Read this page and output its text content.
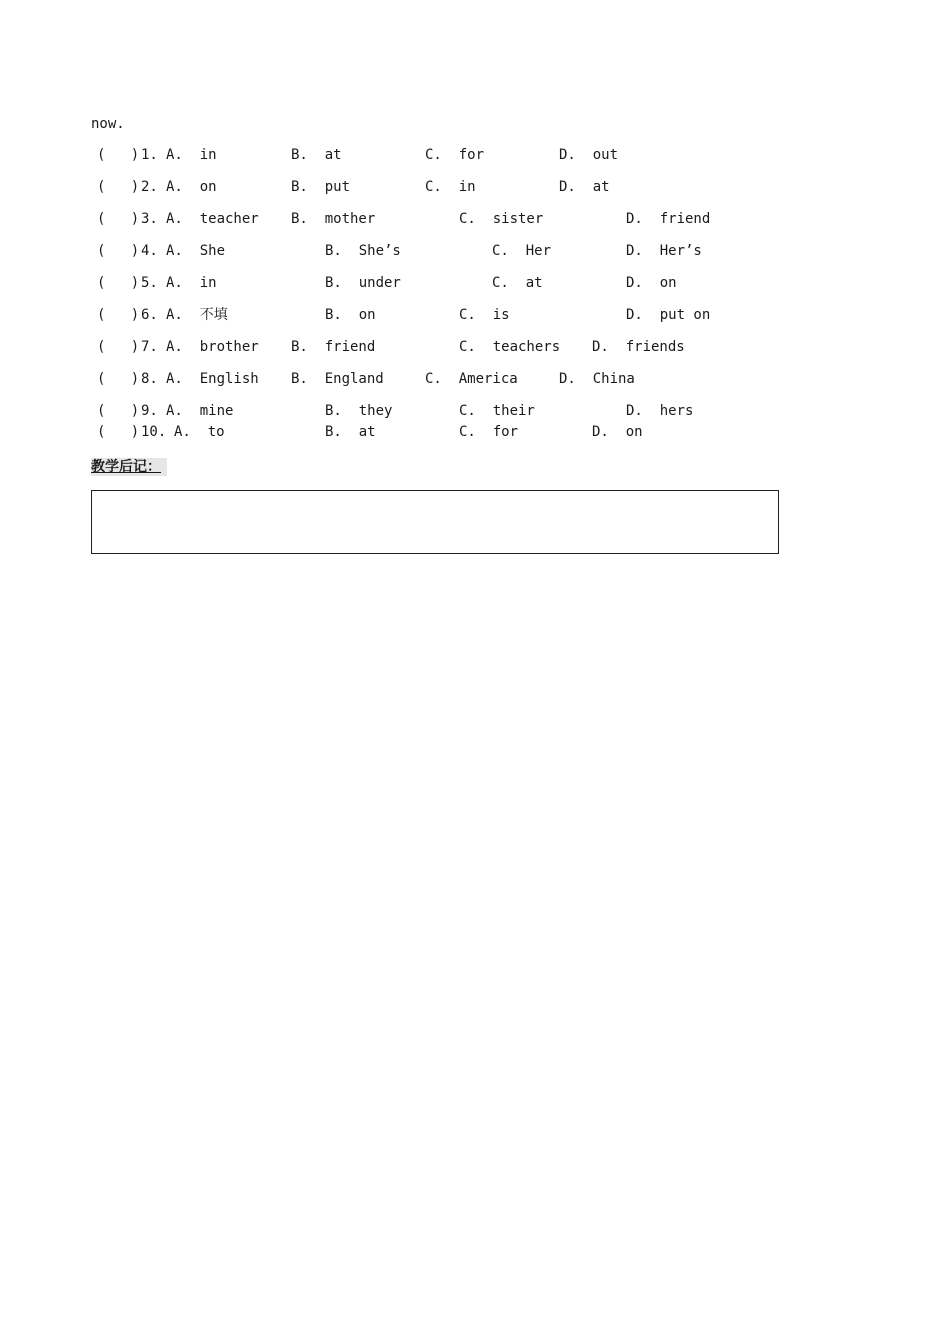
now.
(   ) 1. A.  in	B.  at	C.  for	D.  out
(   ) 2. A.  on	B.  put	C.  in	D.  at
(   ) 3. A.  teacher B.  mother	C.  sister	D.  friend
(   ) 4. A.  She	B.  She’s	C.  Her	D.  Her’s
(   ) 5. A.  in	B.  under	C.  at	D.  on
(   ) 6. A.  不填	B.  on	C.  is	D.  put on
(   ) 7. A.  brother B.  friend	C.  teachers D.  friends
(   ) 8. A.  English B.  England	C.  America	D.  China
(   ) 9. A.  mine	B.  they	C.  their	D.  hers
(   ) 10. A.  to	B.  at	C.  for	D.  on
教学后记：
